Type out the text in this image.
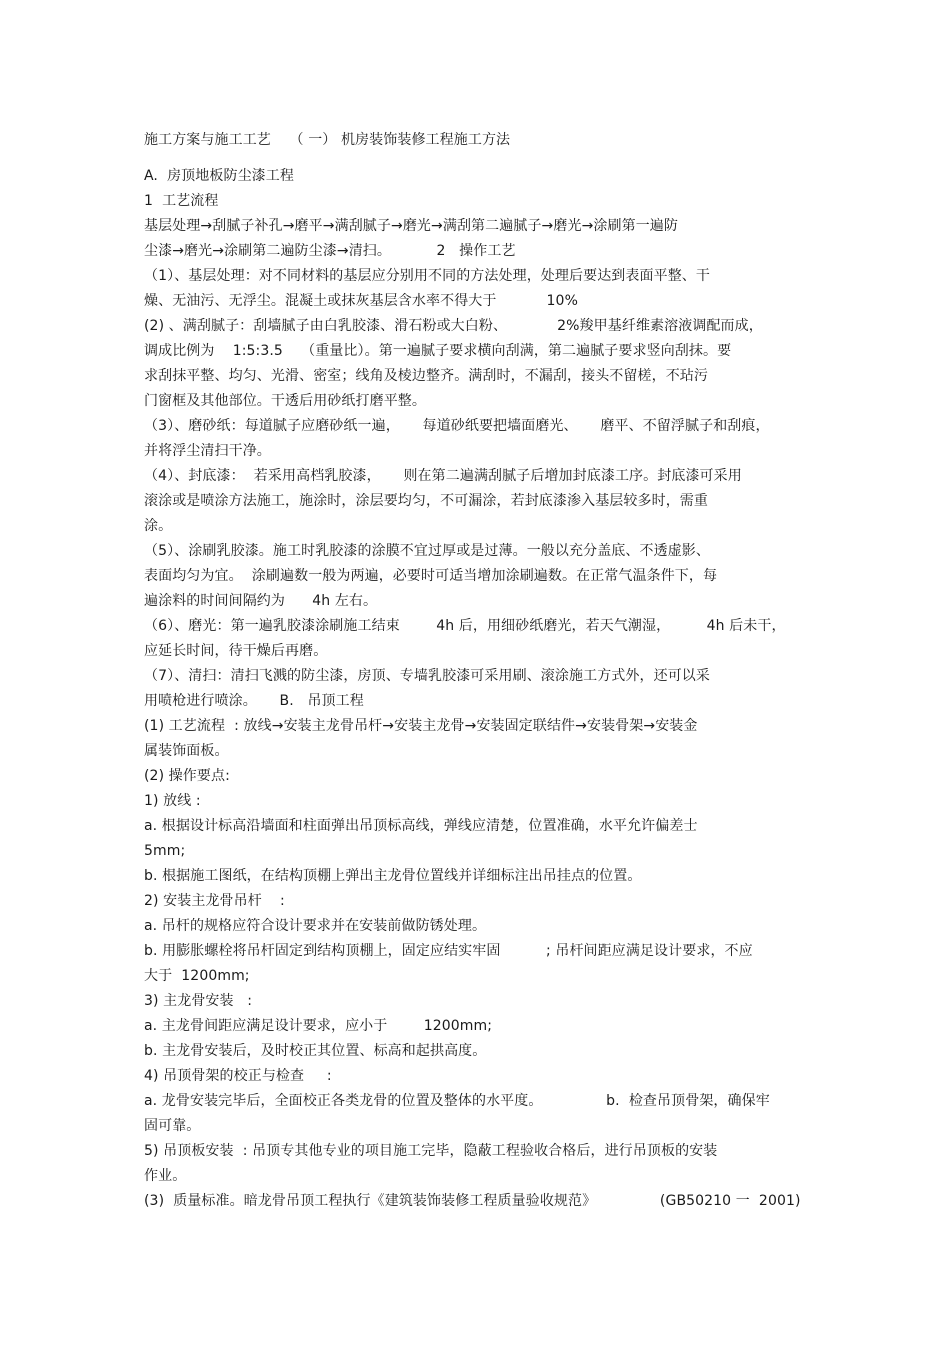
施工方案与施工工艺　 （ 一） 机房装饰装修工程施工方法
A.  房顶地板防尘漆工程
1  工艺流程
基层处理→刮腻子补孔→磨平→满刮腻子→磨光→满刮第二遍腻子→磨光→涂刷第一遍防
尘漆→磨光→涂刷第二遍防尘漆→清扫。          2   操作工艺
（1）、基层处理：对不同材料的基层应分别用不同的方法处理，处理后要达到表面平整、干
燥、无油污、无浮尘。混凝土或抹灰基层含水率不得大于           10%
(2) 、满刮腻子：刮墙腻子由白乳胶漆、滑石粉或大白粉、           2%羧甲基纤维素溶液调配而成，
调成比例为    1:5:3.5    （重量比）。第一遍腻子要求横向刮满，第二遍腻子要求竖向刮抹。要
求刮抹平整、均匀、光滑、密室；线角及棱边整齐。满刮时，不漏刮，接头不留槎，不玷污
门窗框及其他部位。干透后用砂纸打磨平整。
（3）、磨砂纸：每道腻子应磨砂纸一遍，     每道砂纸要把墙面磨光、     磨平、不留浮腻子和刮痕，
并将浮尘清扫干净。
（4）、封底漆：  若采用高档乳胶漆，     则在第二遍满刮腻子后增加封底漆工序。封底漆可采用
滚涂或是喷涂方法施工，施涂时，涂层要均匀，不可漏涂，若封底漆渗入基层较多时，需重
涂。
（5）、涂刷乳胶漆。施工时乳胶漆的涂膜不宜过厚或是过薄。一般以充分盖底、不透虚影、
表面均匀为宜。  涂刷遍数一般为两遍，必要时可适当增加涂刷遍数。在正常气温条件下，每
遍涂料的时间间隔约为      4h 左右。
（6）、磨光：第一遍乳胶漆涂刷施工结束        4h 后，用细砂纸磨光，若天气潮湿，        4h 后未干，
应延长时间，待干燥后再磨。
（7）、清扫：清扫飞溅的防尘漆，房顶、专墙乳胶漆可采用刷、滚涂施工方式外，还可以采
用喷枪进行喷涂。     B.   吊顶工程
(1) 工艺流程  : 放线→安装主龙骨吊杆→安装主龙骨→安装固定联结件→安装骨架→安装金
属装饰面板。
(2) 操作要点:
1) 放线 :
a. 根据设计标高沿墙面和柱面弹出吊顶标高线，弹线应清楚，位置准确，水平允许偏差士
5mm;
b. 根据施工图纸，在结构顶棚上弹出主龙骨位置线并详细标注出吊挂点的位置。
2) 安装主龙骨吊杆    :
a. 吊杆的规格应符合设计要求并在安装前做防锈处理。
b. 用膨胀螺栓将吊杆固定到结构顶棚上，固定应结实牢固          ; 吊杆间距应满足设计要求，不应
大于  1200mm;
3) 主龙骨安装   :
a. 主龙骨间距应满足设计要求，应小于        1200mm;
b. 主龙骨安装后，及时校正其位置、标高和起拱高度。
4) 吊顶骨架的校正与检查     :
a. 龙骨安装完毕后，全面校正各类龙骨的位置及整体的水平度。              b.  检查吊顶骨架，确保牢
固可靠。
5) 吊顶板安装  : 吊顶专其他专业的项目施工完毕，隐蔽工程验收合格后，进行吊顶板的安装
作业。
(3)  质量标准。暗龙骨吊顶工程执行《建筑装饰装修工程质量验收规范》              (GB50210 一  2001)
